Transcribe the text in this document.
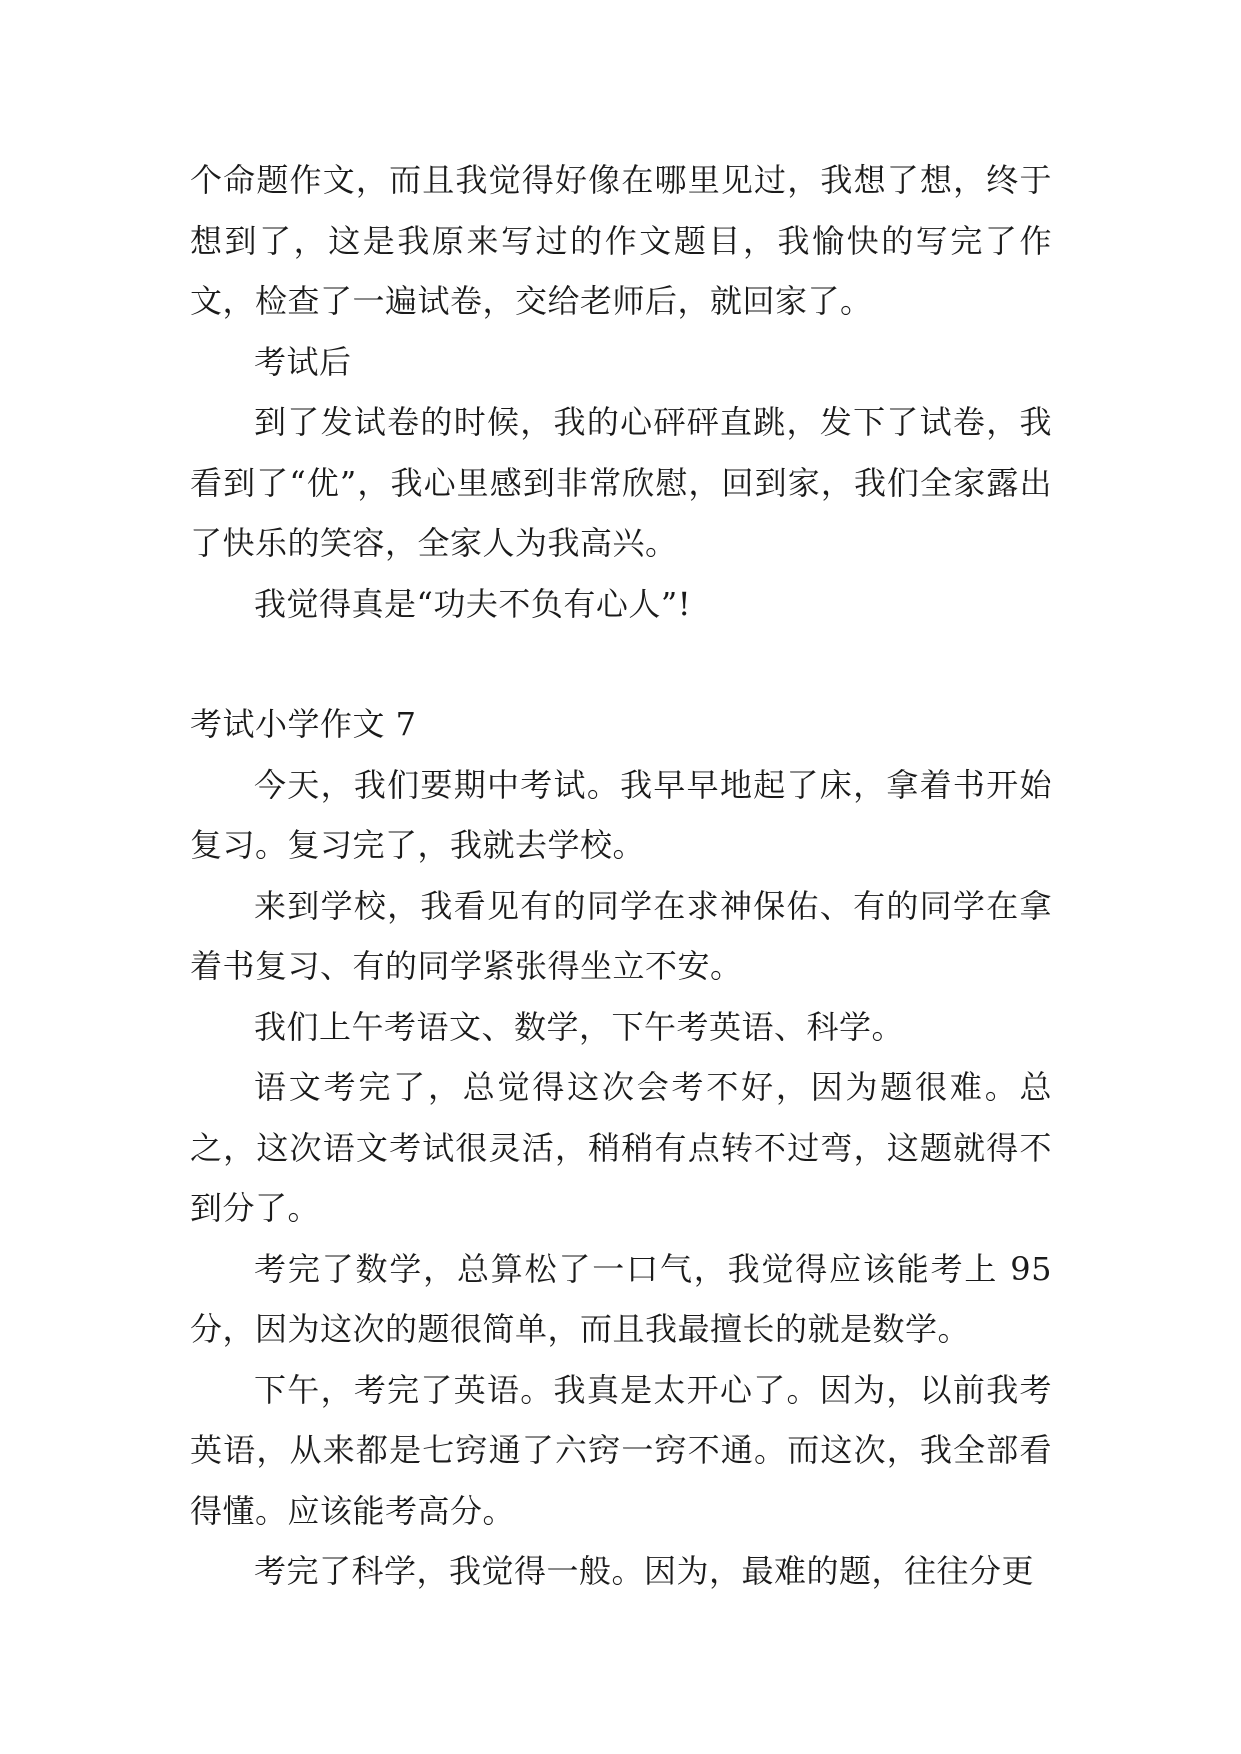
个命题作文，而且我觉得好像在哪里见过，我想了想，终于想到了，这是我原来写过的作文题目，我愉快的写完了作文，检查了一遍试卷，交给老师后，就回家了。

考试后

到了发试卷的时候，我的心砰砰直跳，发下了试卷，我看到了“优”，我心里感到非常欣慰，回到家，我们全家露出了快乐的笑容，全家人为我高兴。

我觉得真是“功夫不负有心人”!

考试小学作文 7

今天，我们要期中考试。我早早地起了床，拿着书开始复习。复习完了，我就去学校。

来到学校，我看见有的同学在求神保佑、有的同学在拿着书复习、有的同学紧张得坐立不安。

我们上午考语文、数学，下午考英语、科学。

语文考完了，总觉得这次会考不好，因为题很难。总之，这次语文考试很灵活，稍稍有点转不过弯，这题就得不到分了。

考完了数学，总算松了一口气，我觉得应该能考上 95 分，因为这次的题很简单，而且我最擅长的就是数学。

下午，考完了英语。我真是太开心了。因为，以前我考英语，从来都是七窍通了六窍一窍不通。而这次，我全部看得懂。应该能考高分。

考完了科学，我觉得一般。因为，最难的题，往往分更
